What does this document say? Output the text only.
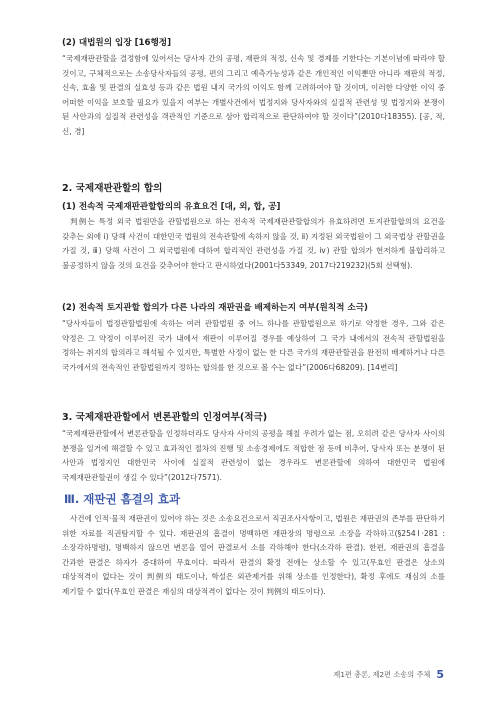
(2) 대법원의 입장 [16행정]
“국제재판관할을 결정함에 있어서는 당사자 간의 공평, 재판의 적정, 신속 및 경제를 기한다는 기본이념에 따라야 할 것이고, 구체적으로는 소송당사자들의 공평, 편의 그리고 예측가능성과 같은 개인적인 이익뿐만 아니라 재판의 적정, 신속, 효율 및 판결의 실효성 등과 같은 법원 내지 국가의 이익도 함께 고려하여야 할 것이며, 이러한 다양한 이익 중 어떠한 이익을 보호할 필요가 있을지 여부는 개별사건에서 법정지와 당사자와의 실질적 관련성 및 법정지와 분쟁이 된 사안과의 실질적 관련성을 객관적인 기준으로 삼아 합리적으로 판단하여야 할 것이다”(2010다18355). [공, 적, 신, 경]
2. 국제재판관할의 합의
(1) 전속적 국제재판관할합의의 유효요건 [대, 외, 합, 공]
判例는 특정 외국 법원만을 관할법원으로 하는 전속적 국제재판관할합의가 유효하려면 토지관할합의의 요건을 갖추는 외에 ⅰ) 당해 사건이 대한민국 법원의 전속관할에 속하지 않을 것, ⅱ) 지정된 외국법원이 그 외국법상 관할권을 가질 것, ⅲ) 당해 사건이 그 외국법원에 대하여 합리적인 관련성을 가질 것, ⅳ) 관할 합의가 현저하게 불합리하고 불공정하지 않을 것의 요건을 갖추어야 한다고 판시하였다(2001다53349, 2017다219232)(5회 선택형).
(2) 전속적 토지관할 합의가 다른 나라의 재판권을 배제하는지 여부(원칙적 소극)
“당사자들이 법정관할법원에 속하는 여러 관할법원 중 어느 하나를 관할법원으로 하기로 약정한 경우, 그와 같은 약정은 그 약정이 이루어진 국가 내에서 재판이 이루어질 경우를 예상하여 그 국가 내에서의 전속적 관할법원을 정하는 취지의 합의라고 해석될 수 있지만, 특별한 사정이 없는 한 다른 국가의 재판관할권을 완전히 배제하거나 다른 국가에서의 전속적인 관할법원까지 정하는 합의를 한 것으로 볼 수는 없다”(2006다68209). [14변리]
3. 국제재판관할에서 변론관할의 인정여부(적극)
“국제재판관할에서 변론관할을 인정하더라도 당사자 사이의 공평을 해칠 우려가 없는 점, 오히려 같은 당사자 사이의 분쟁을 일거에 해결할 수 있고 효과적인 절차의 진행 및 소송경제에도 적합한 점 등에 비추어, 당사자 또는 분쟁이 된 사안과 법정지인 대한민국 사이에 실질적 관련성이 없는 경우라도 변론관할에 의하여 대한민국 법원에 국제재판관할권이 생길 수 있다”(2012다7571).
Ⅲ. 재판권 흠결의 효과
사건에 인적·물적 재판권이 있어야 하는 것은 소송요건으로서 직권조사사항이고, 법원은 재판권의 존부를 판단하기 위한 자료를 직권탐지할 수 있다. 재판권의 흠결이 명백하면 재판장의 명령으로 소장을 각하하고(§254Ⅰ·281 : 소장각하명령), 명백하지 않으면 변론을 열어 판결로서 소를 각하해야 한다(소각하 판결). 한편, 재판권의 흠결을 간과한 판결은 하자가 중대하여 무효이다. 따라서 판결의 확정 전에는 상소할 수 있고(무효인 판결은 상소의 대상적격이 없다는 것이 判例의 태도이나, 학설은 외관제거를 위해 상소를 인정한다), 확정 후에도 재심의 소를 제기할 수 없다(무효인 판결은 재심의 대상적격이 없다는 것이 判例의 태도이다).
제1편 총론, 제2편 소송의 주체 5
